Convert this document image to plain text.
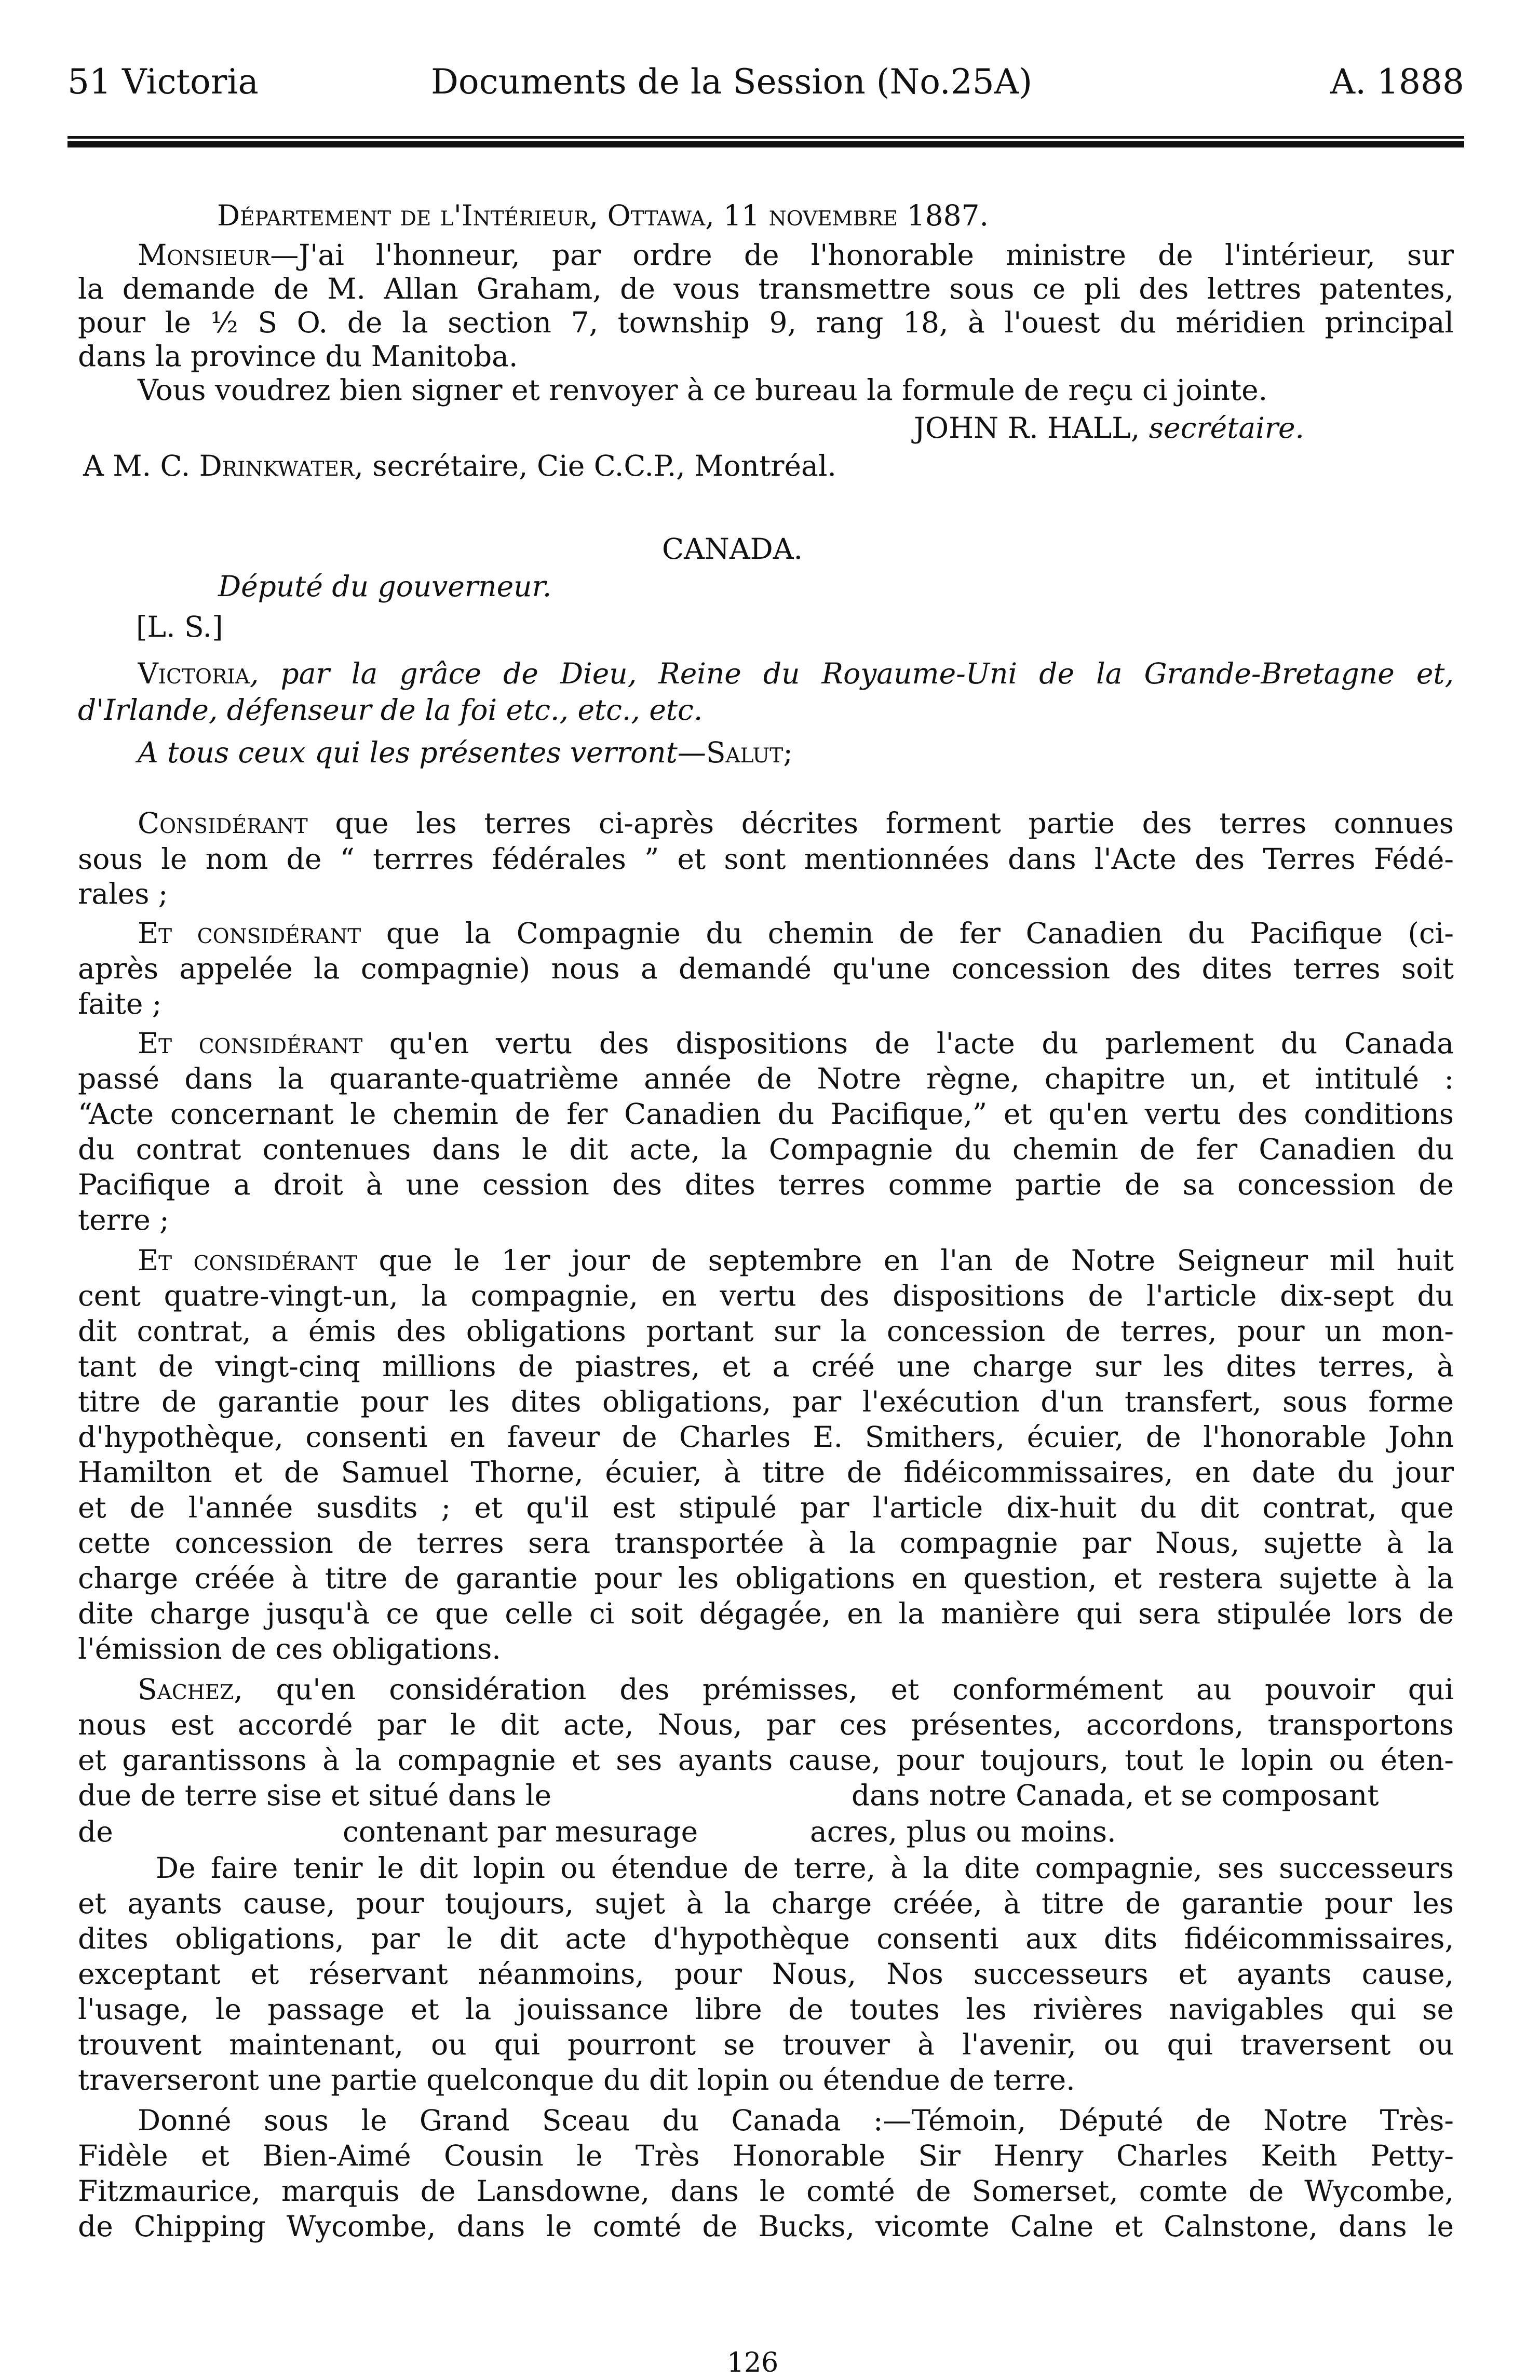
51 Victoria	Documents de la Session (No.25A)	A. 1888
Département de l'Intérieur, Ottawa, 11 novembre 1887.
Monsieur—J'ai l'honneur, par ordre de l'honorable ministre de l'intérieur, sur
la demande de M. Allan Graham, de vous transmettre sous ce pli des lettres patentes,
pour le ½ S O. de la section 7, township 9, rang 18, à l'ouest du méridien principal
dans la province du Manitoba.
Vous voudrez bien signer et renvoyer à ce bureau la formule de reçu ci jointe.
JOHN R. HALL, secrétaire.
A M. C. Drinkwater, secrétaire, Cie C.C.P., Montréal.
CANADA.
Député du gouverneur.
[L. S.]
Victoria, par la grâce de Dieu, Reine du Royaume-Uni de la Grande-Bretagne et,
d'Irlande, défenseur de la foi etc., etc., etc.
A tous ceux qui les présentes verront—Salut;
Considérant que les terres ci-après décrites forment partie des terres connues
sous le nom de “ terrres fédérales ” et sont mentionnées dans l'Acte des Terres Fédé-
rales ;
Et considérant que la Compagnie du chemin de fer Canadien du Pacifique (ci-
après appelée la compagnie) nous a demandé qu'une concession des dites terres soit
faite ;
Et considérant qu'en vertu des dispositions de l'acte du parlement du Canada
passé dans la quarante-quatrième année de Notre règne, chapitre un, et intitulé :
“Acte concernant le chemin de fer Canadien du Pacifique,” et qu'en vertu des conditions
du contrat contenues dans le dit acte, la Compagnie du chemin de fer Canadien du
Pacifique a droit à une cession des dites terres comme partie de sa concession de
terre ;
Et considérant que le 1er jour de septembre en l'an de Notre Seigneur mil huit
cent quatre-vingt-un, la compagnie, en vertu des dispositions de l'article dix-sept du
dit contrat, a émis des obligations portant sur la concession de terres, pour un mon-
tant de vingt-cinq millions de piastres, et a créé une charge sur les dites terres, à
titre de garantie pour les dites obligations, par l'exécution d'un transfert, sous forme
d'hypothèque, consenti en faveur de Charles E. Smithers, écuier, de l'honorable John
Hamilton et de Samuel Thorne, écuier, à titre de fidéicommissaires, en date du jour
et de l'année susdits ; et qu'il est stipulé par l'article dix-huit du dit contrat, que
cette concession de terres sera transportée à la compagnie par Nous, sujette à la
charge créée à titre de garantie pour les obligations en question, et restera sujette à la
dite charge jusqu'à ce que celle ci soit dégagée, en la manière qui sera stipulée lors de
l'émission de ces obligations.
Sachez, qu'en considération des prémisses, et conformément au pouvoir qui
nous est accordé par le dit acte, Nous, par ces présentes, accordons, transportons
et garantissons à la compagnie et ses ayants cause, pour toujours, tout le lopin ou éten-
due de terre sise et situé dans le	dans notre Canada, et se composant
de	contenant par mesurage	acres, plus ou moins.
De faire tenir le dit lopin ou étendue de terre, à la dite compagnie, ses successeurs
et ayants cause, pour toujours, sujet à la charge créée, à titre de garantie pour les
dites obligations, par le dit acte d'hypothèque consenti aux dits fidéicommissaires,
exceptant et réservant néanmoins, pour Nous, Nos successeurs et ayants cause,
l'usage, le passage et la jouissance libre de toutes les rivières navigables qui se
trouvent maintenant, ou qui pourront se trouver à l'avenir, ou qui traversent ou
traverseront une partie quelconque du dit lopin ou étendue de terre.
Donné sous le Grand Sceau du Canada :—Témoin, Député de Notre Très-
Fidèle et Bien-Aimé Cousin le Très Honorable Sir Henry Charles Keith Petty-
Fitzmaurice, marquis de Lansdowne, dans le comté de Somerset, comte de Wycombe,
de Chipping Wycombe, dans le comté de Bucks, vicomte Calne et Calnstone, dans le
126
